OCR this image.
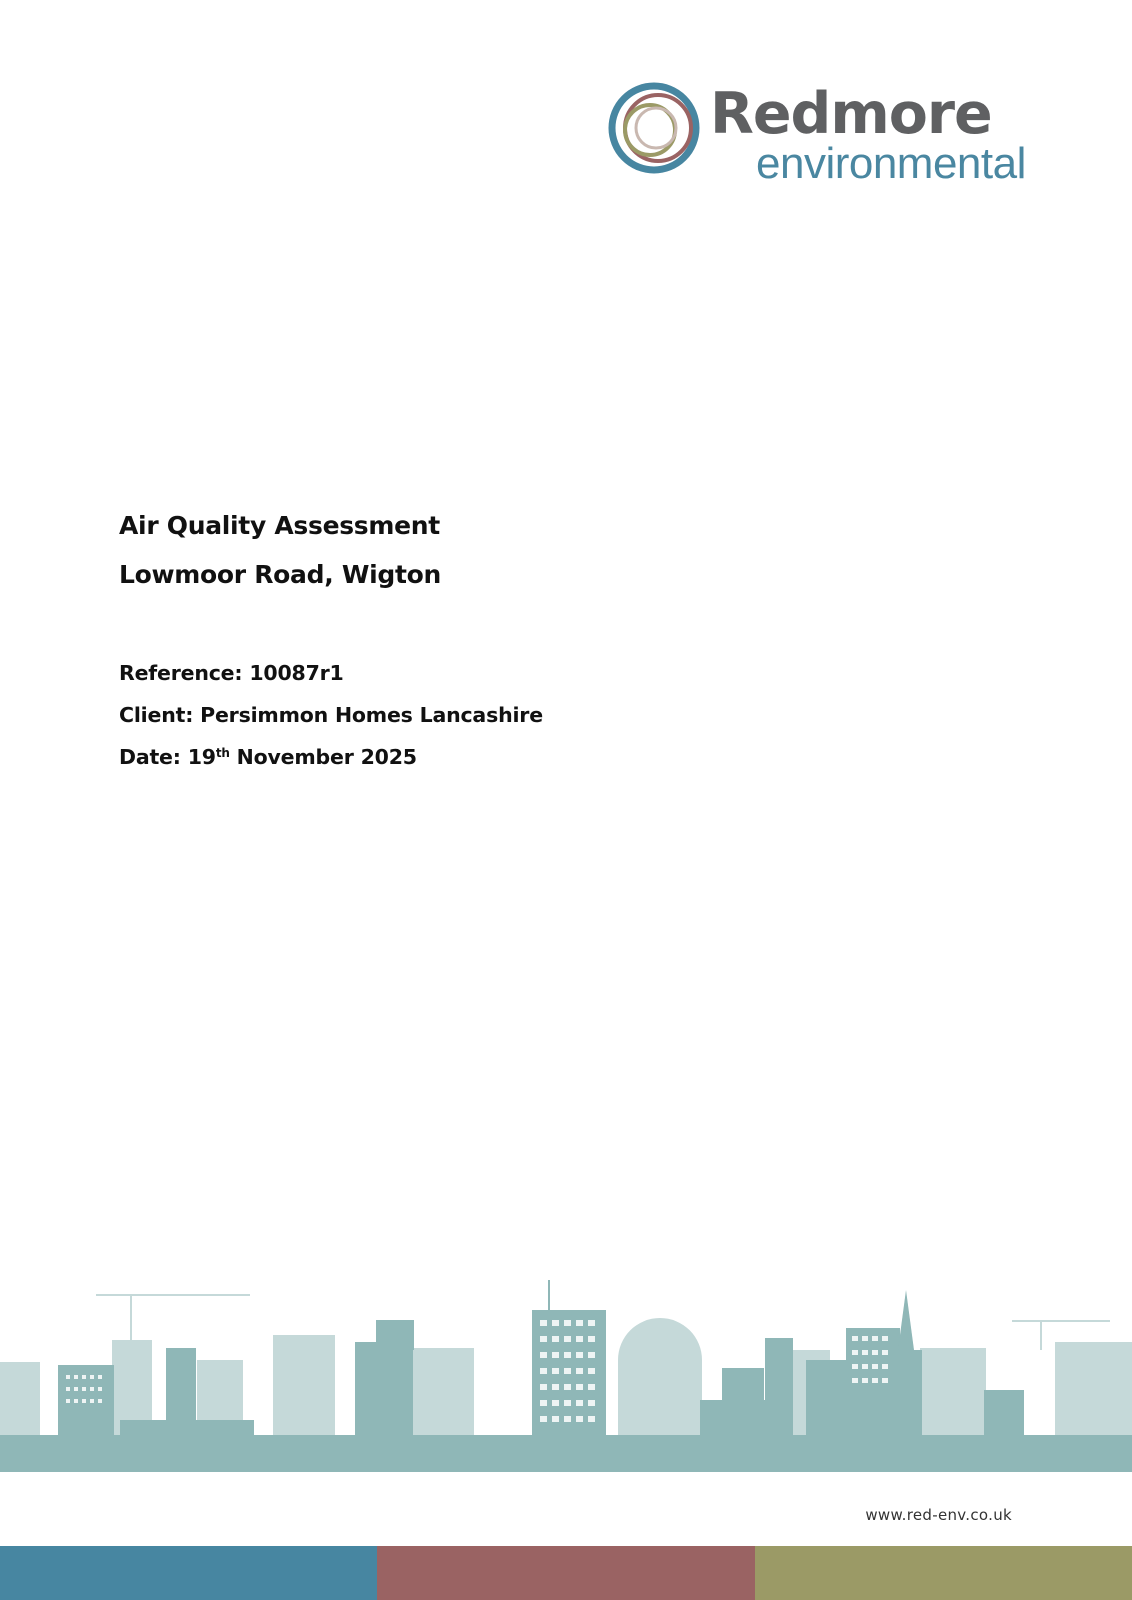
Redmore
environmental
Air Quality Assessment
Lowmoor Road, Wigton
Reference: 10087r1
Client: Persimmon Homes Lancashire
Date: 19th November 2025
www.red-env.co.uk
